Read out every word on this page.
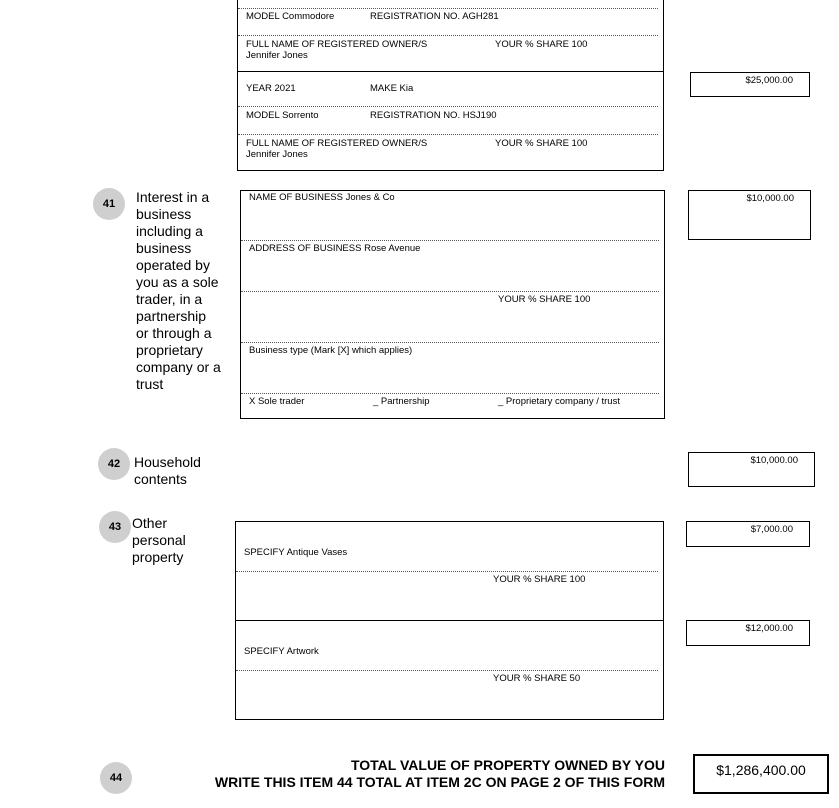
MODEL Commodore	REGISTRATION NO. AGH281
FULL NAME OF REGISTERED OWNER/S	YOUR % SHARE 100
Jennifer Jones
YEAR 2021	MAKE Kia
MODEL Sorrento	REGISTRATION NO. HSJ190
FULL NAME OF REGISTERED OWNER/S	YOUR % SHARE 100
Jennifer Jones
$25,000.00
41	Interest in a business including a business operated by you as a sole trader, in a partnership or through a proprietary company or a trust
NAME OF BUSINESS Jones & Co
ADDRESS OF BUSINESS Rose Avenue
YOUR % SHARE 100
Business type (Mark [X] which applies)
X Sole trader	_ Partnership	_ Proprietary company / trust
$10,000.00
42 Household contents
$10,000.00
43 Other personal property	SPECIFY Antique Vases
YOUR % SHARE 100
SPECIFY Artwork
YOUR % SHARE 50
$7,000.00
$12,000.00
44
TOTAL VALUE OF PROPERTY OWNED BY YOU
WRITE THIS ITEM 44 TOTAL AT ITEM 2C ON PAGE 2 OF THIS FORM
$1,286,400.00
